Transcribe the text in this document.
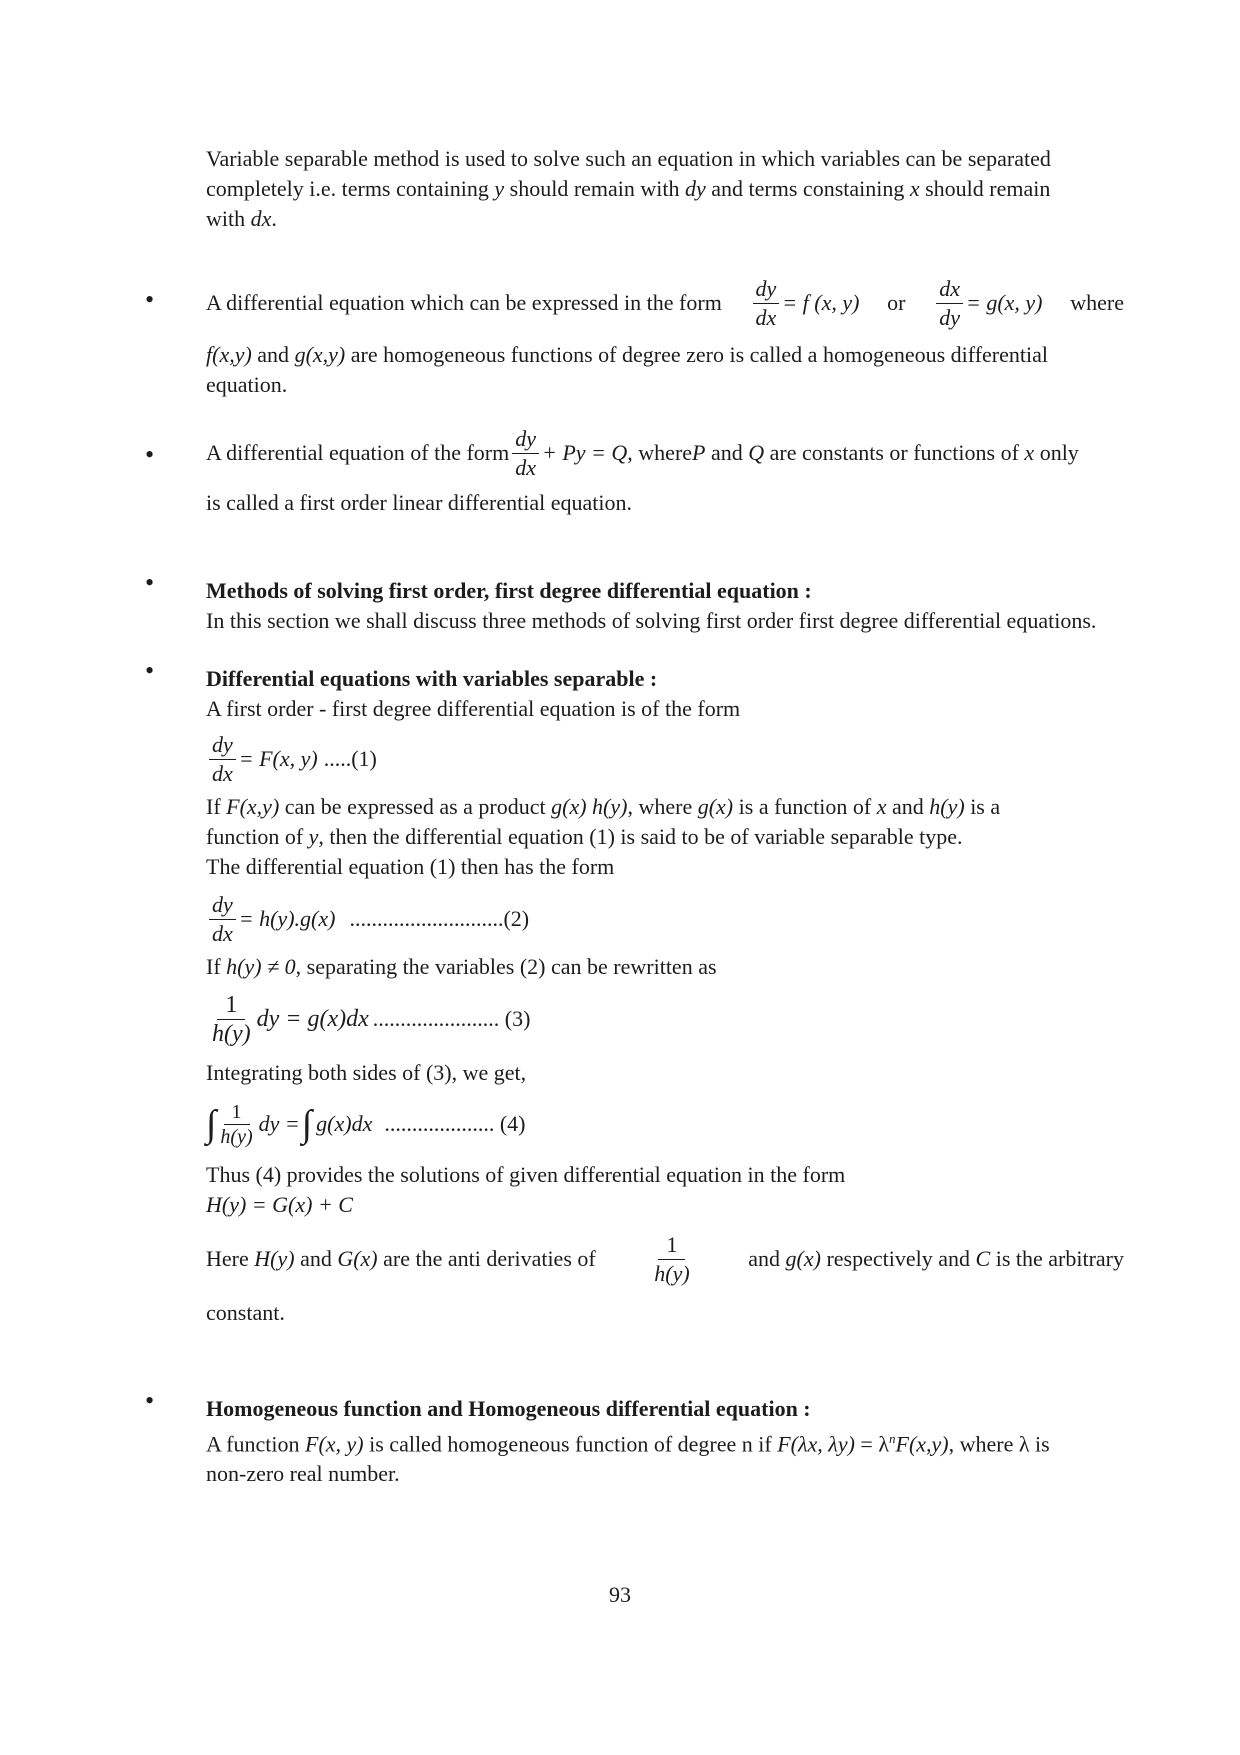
Variable separable method is used to solve such an equation in which variables can be separated
completely i.e. terms containing y should remain with dy and terms constaining x should remain
with dx.
• A differential equation which can be expressed in the form $\frac{dy}{dx} = f$ (x, y) or $\frac{dx}{dy} = g(x$, y) where
f(x,y) and g(x,y) are homogeneous functions of degree zero is called a homogeneous differential
equation.
• A differential equation of the form $\frac{dy}{dx} + Py = Q$ , where P and Q are constants or functions of x only
is called a first order linear differential equation.
• Methods of solving first order, first degree differential equation :
In this section we shall discuss three methods of solving first order first degree differential equations.
• Differential equations with variables separable :
A first order - first degree differential equation is of the form
$\frac{dy}{dx} = F(x$, y) .....(1)
If F(x,y) can be expressed as a product g(x) h(y), where g(x) is a function of x and h(y) is a
function of y, then the differential equation (1) is said to be of variable separable type.
The differential equation (1) then has the form
$\frac{dy}{dx} = h(y).g(x)$ ............................(2)
If h(y) ≠ 0, separating the variables (2) can be rewritten as
$\frac{1}{h(y)}$ dy = g(x)dx ....................... (3)
Integrating both sides of (3), we get,
∫ $\frac{1}{h(y)}$ dy = ∫ g(x)dx .................... (4)
Thus (4) provides the solutions of given differential equation in the form
H(y) = G(x) + C
Here H(y) and G(x) are the anti derivaties of	$\frac{1}{h(y)}$	and g(x) respectively and C is the arbitrary
constant.
• Homogeneous function and Homogeneous differential equation :
A function F(x, y) is called homogeneous function of degree n if F(λx, $\lambda y) = \lambda^nF(x,y)$, where λ is
non-zero real number.
93
